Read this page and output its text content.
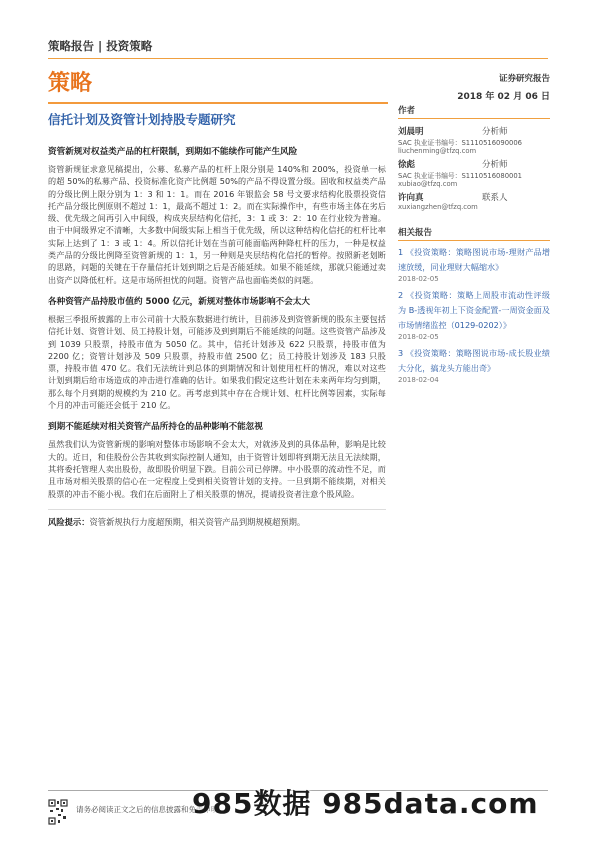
策略报告 | 投资策略
策略	证券研究报告
2018 年 02 月 06 日
信托计划及资管计划持股专题研究

资管新规对权益类产品的杠杆限制，到期如不能续作可能产生风险

资管新规征求意见稿提出，公募、私募产品的杠杆上限分别是 140%和 200%，投资单一标的超 50%的私募产品、投资标准化资产比例超 50%的产品不得设置分级。固收和权益类产品的分级比例上限分别为 1：3 和 1：1。而在 2016 年银监会 58 号文要求结构化股票投资信托产品分级比例原则不超过 1：1，最高不超过 1：2。而在实际操作中，有些市场主体在劣后级、优先级之间再引入中间级，构成夹层结构化信托，3：1 或 3：2：10 在行业较为普遍。由于中间级界定不清晰，大多数中间级实际上相当于优先级，所以这种结构化信托的杠杆比率实际上达到了 1：3 或 1：4。所以信托计划在当前可能面临两种降杠杆的压力，一种是权益类产品的分级比例降至资管新规的 1：1，另一种则是夹层结构化信托的暂停。按照新老划断的思路，问题的关键在于存量信托计划到期之后是否能延续。如果不能延续，那就只能通过卖出资产以降低杠杆。这是市场所担忧的问题。资管产品也面临类似的问题。

各种资管产品持股市值约 5000 亿元，新规对整体市场影响不会太大

根据三季报所披露的上市公司前十大股东数据进行统计，目前涉及到资管新规的股东主要包括信托计划、资管计划、员工持股计划，可能涉及到到期后不能延续的问题。这些资管产品涉及到 1039 只股票，持股市值为 5050 亿。其中，信托计划涉及 622 只股票，持股市值为 2200 亿；资管计划涉及 509 只股票，持股市值 2500 亿；员工持股计划涉及 183 只股票，持股市值 470 亿。我们无法统计到总体的到期情况和计划使用杠杆的情况，难以对这些计划到期后给市场造成的冲击进行准确的估计。如果我们假定这些计划在未来两年均匀到期，那么每个月到期的规模约为 210 亿。再考虑到其中存在合规计划、杠杆比例等因素，实际每个月的冲击可能还会低于 210 亿。

到期不能延续对相关资管产品所持仓的品种影响不能忽视

虽然我们认为资管新规的影响对整体市场影响不会太大，对就涉及到的具体品种，影响是比较大的。近日，和佳股份公告其收到实际控制人通知，由于资管计划即将到期无法且无法续期，其将委托管理人卖出股份，故即股价明显下跌。目前公司已停牌。中小股票的流动性不足，而且市场对相关股票的信心在一定程度上受到相关资管计划的支持。一旦到期不能续期，对相关股票的冲击不能小视。我们在后面附上了相关股票的情况，提请投资者注意个股风险。

风险提示：资管新规执行力度超预期，相关资管产品到期规模超预期。

作者
刘晨明	分析师
SAC 执业证书编号：S1110516090006
liuchenming@tfzq.com
徐彪	分析师
SAC 执业证书编号：S1110516080001
xubiao@tfzq.com
许向真	联系人
xuxiangzhen@tfzq.com
相关报告

1 《投资策略：策略图说市场-理财产品增速放缓，同业理财大幅缩水》

2018-02-05

2 《投资策略：策略上周股市流动性评级为 B-透视年初上下资金配置-一周资金面及市场情绪监控（0129-0202）》

2018-02-05

3 《投资策略：策略图说市场-成长股业绩大分化，搞龙头方能出奇》

2018-02-04
请务必阅读正文之后的信息披露和免责申明
985数据 985data.com
